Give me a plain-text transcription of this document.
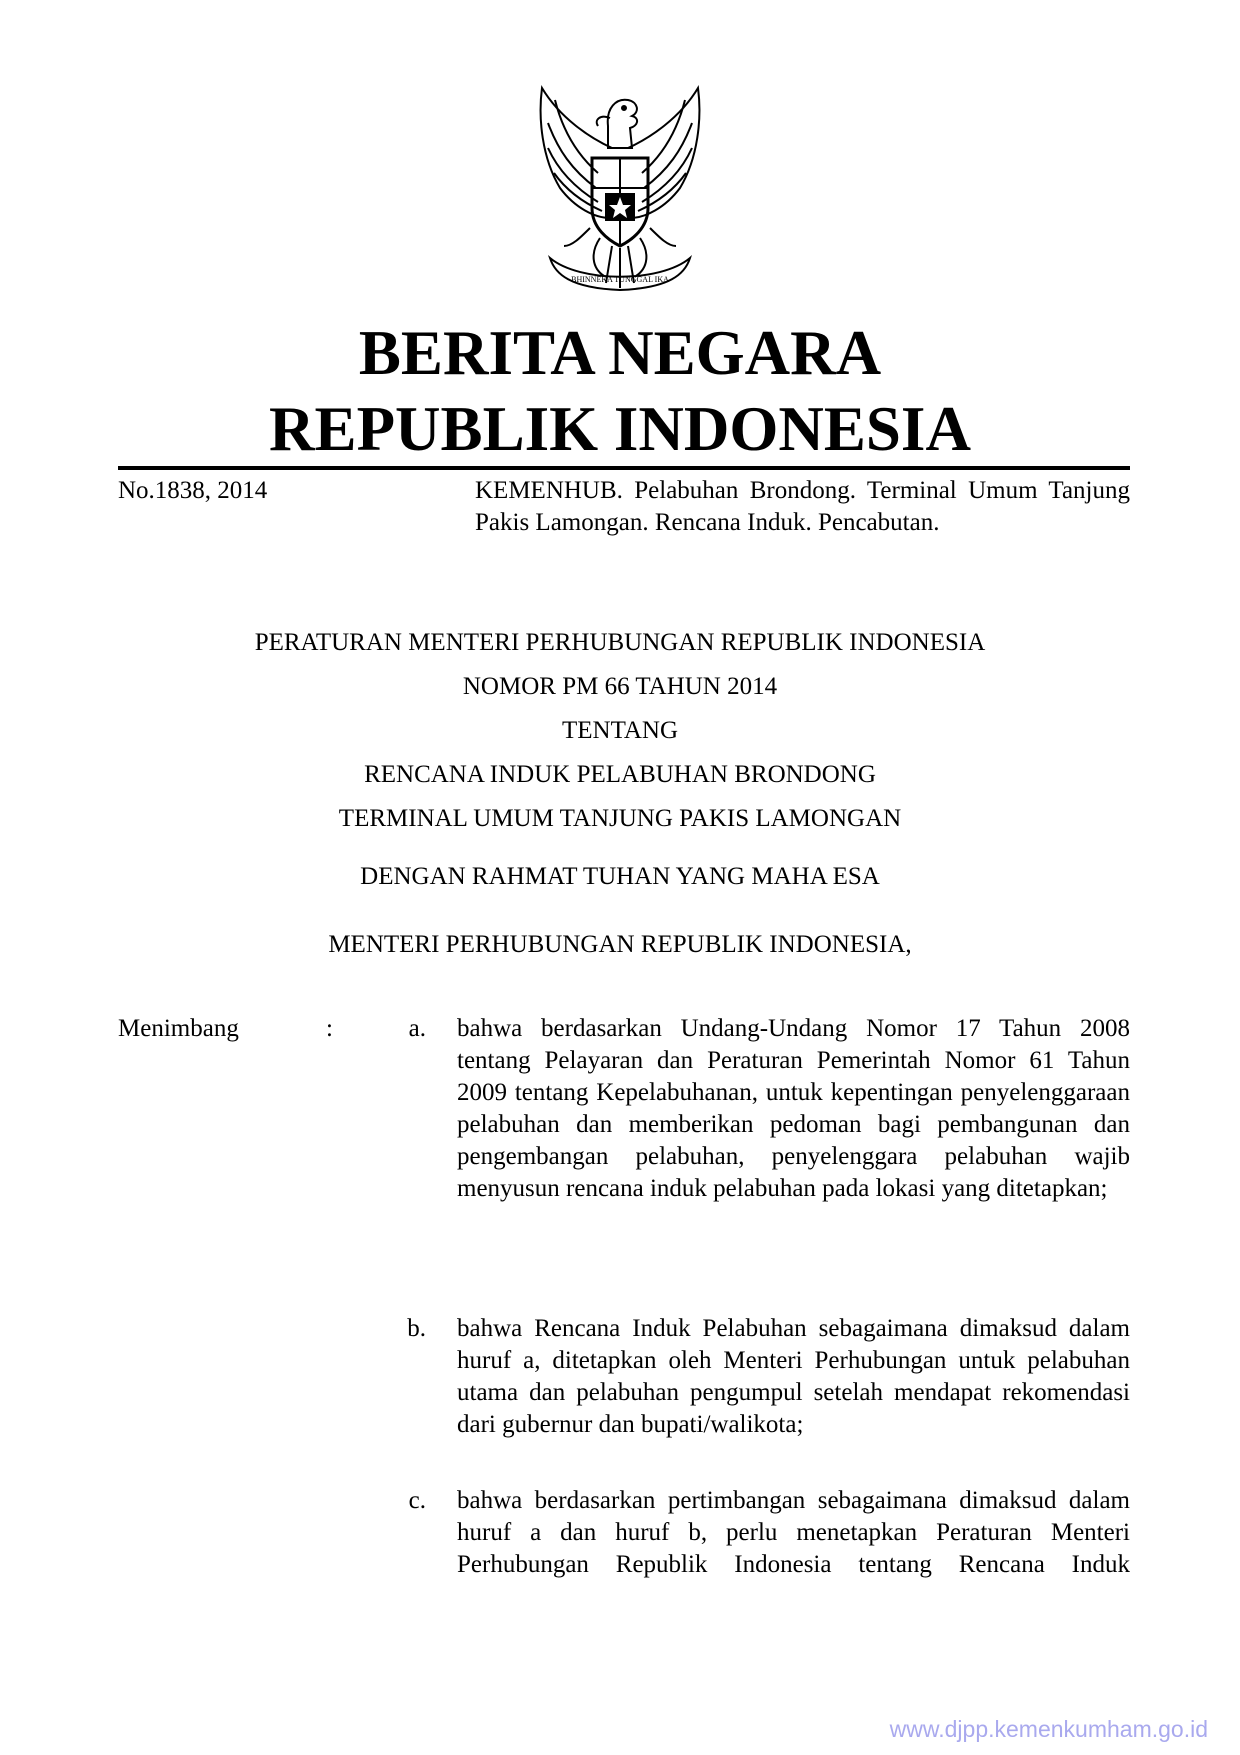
BHINNEKA TUNGGAL IKA
BERITA NEGARA
REPUBLIK INDONESIA
No.1838, 2014	KEMENHUB. Pelabuhan Brondong. Terminal Umum Tanjung Pakis Lamongan. Rencana Induk. Pencabutan.
PERATURAN MENTERI PERHUBUNGAN REPUBLIK INDONESIA
NOMOR PM 66 TAHUN 2014
TENTANG
RENCANA INDUK PELABUHAN BRONDONG
TERMINAL UMUM TANJUNG PAKIS LAMONGAN
DENGAN RAHMAT TUHAN YANG MAHA ESA
MENTERI PERHUBUNGAN REPUBLIK INDONESIA,
Menimbang	:	a. bahwa berdasarkan Undang-Undang Nomor 17 Tahun 2008 tentang Pelayaran dan Peraturan Pemerintah Nomor 61 Tahun 2009 tentang Kepelabuhanan, untuk kepentingan penyelenggaraan pelabuhan dan memberikan pedoman bagi pembangunan dan pengembangan pelabuhan, penyelenggara pelabuhan wajib menyusun rencana induk pelabuhan pada lokasi yang ditetapkan;
b. bahwa Rencana Induk Pelabuhan sebagaimana dimaksud dalam huruf a, ditetapkan oleh Menteri Perhubungan untuk pelabuhan utama dan pelabuhan pengumpul setelah mendapat rekomendasi dari gubernur dan bupati/walikota;
c. bahwa berdasarkan pertimbangan sebagaimana dimaksud dalam huruf a dan huruf b, perlu menetapkan Peraturan Menteri Perhubungan Republik Indonesia tentang Rencana Induk
www.djpp.kemenkumham.go.id
